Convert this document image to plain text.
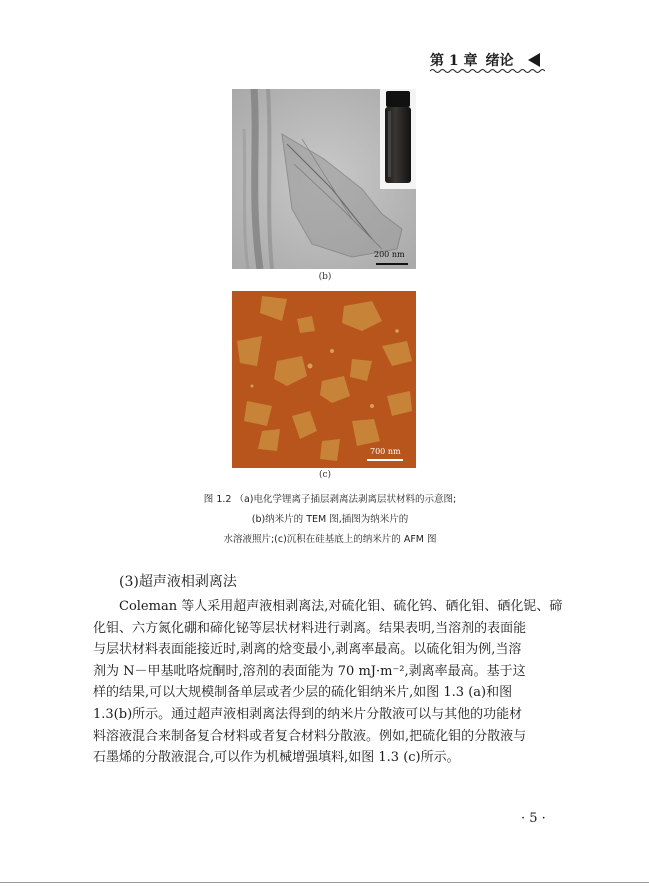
第 1 章 绪论
200 nm
(b)
700 nm
(c)
图 1.2 （a)电化学锂离子插层剥离法剥离层状材料的示意图;
(b)纳米片的 TEM 图,插图为纳米片的
水溶液照片;(c)沉积在硅基底上的纳米片的 AFM 图
(3)超声液相剥离法
　　Coleman 等人采用超声液相剥离法,对硫化钼、硫化钨、硒化钼、硒化铌、碲
化钼、六方氮化硼和碲化铋等层状材料进行剥离。结果表明,当溶剂的表面能
与层状材料表面能接近时,剥离的焓变最小,剥离率最高。以硫化钼为例,当溶
剂为 N－甲基吡咯烷酮时,溶剂的表面能为 70 mJ·m⁻²,剥离率最高。基于这
样的结果,可以大规模制备单层或者少层的硫化钼纳米片,如图 1.3 (a)和图
1.3(b)所示。通过超声液相剥离法得到的纳米片分散液可以与其他的功能材
料溶液混合来制备复合材料或者复合材料分散液。例如,把硫化钼的分散液与
石墨烯的分散液混合,可以作为机械增强填料,如图 1.3 (c)所示。
· 5 ·
